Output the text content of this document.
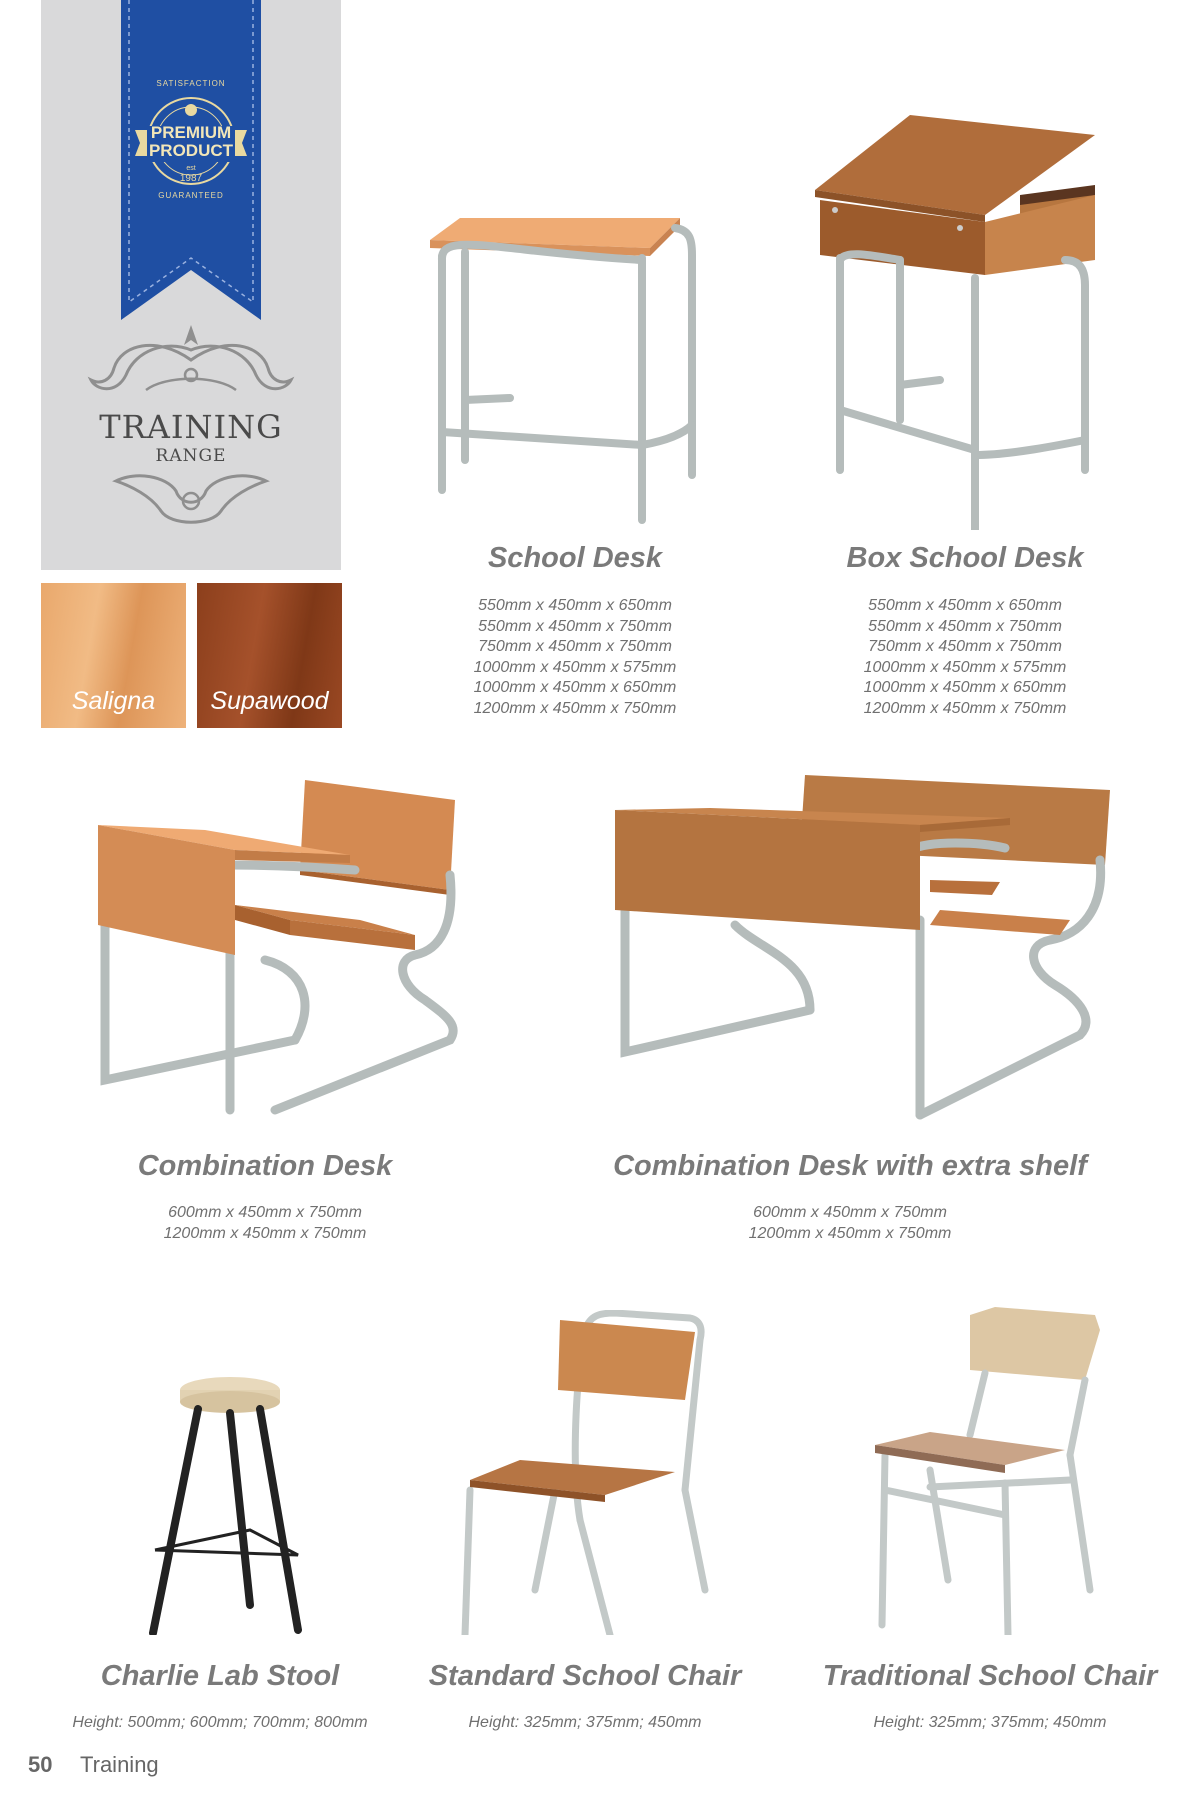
SATISFACTION
PREMIUM
PRODUCT
est
1987
GUARANTEED
TRAINING
RANGE
Saligna	Supawood
School Desk
550mm x 450mm x 650mm
550mm x 450mm x 750mm
750mm x 450mm x 750mm
1000mm x 450mm x 575mm
1000mm x 450mm x 650mm
1200mm x 450mm x 750mm
Box School Desk
550mm x 450mm x 650mm
550mm x 450mm x 750mm
750mm x 450mm x 750mm
1000mm x 450mm x 575mm
1000mm x 450mm x 650mm
1200mm x 450mm x 750mm
Combination Desk
600mm x 450mm x 750mm
1200mm x 450mm x 750mm
Combination Desk with extra shelf
600mm x 450mm x 750mm
1200mm x 450mm x 750mm
Charlie Lab Stool
Height: 500mm; 600mm; 700mm; 800mm
Standard School Chair
Height: 325mm; 375mm; 450mm
Traditional School Chair
Height: 325mm; 375mm; 450mm
50 Training
